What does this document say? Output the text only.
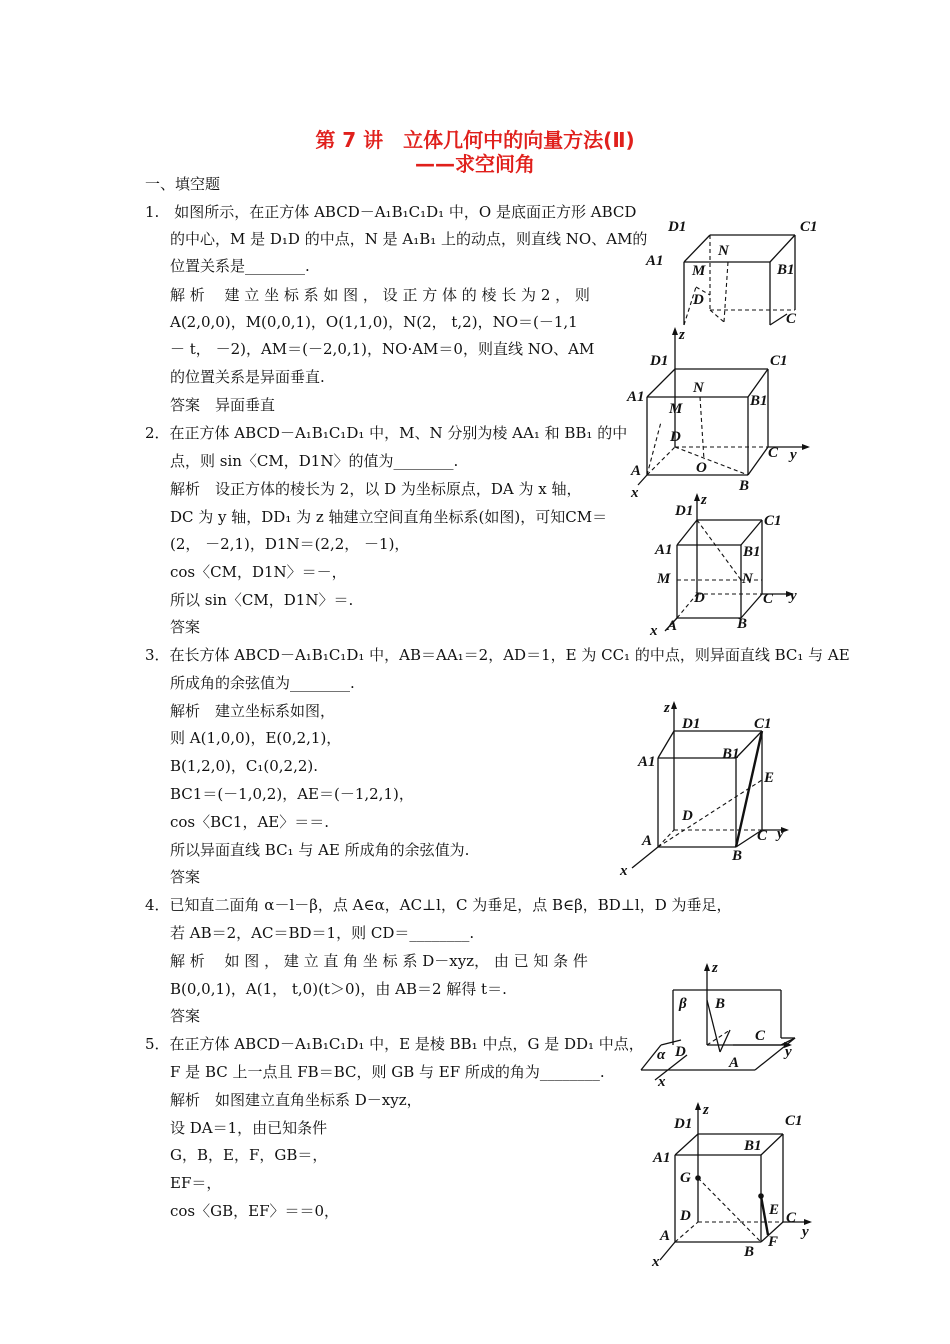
第 7 讲　立体几何中的向量方法(Ⅱ)
——求空间角
一、填空题
1.　如图所示，在正方体 ABCD－A₁B₁C₁D₁ 中，O 是底面正方形 ABCD
的中心，M 是 D₁D 的中点，N 是 A₁B₁ 上的动点，则直线 NO、AM的
位置关系是________.
解 析　 建 立 坐 标 系 如 图 ， 设 正 方 体 的 棱 长 为 2 ， 则
A(2,0,0)，M(0,0,1)，O(1,1,0)，N(2， t,2)，NO＝(－1,1
－ t， －2)，AM＝(－2,0,1)，NO·AM＝0，则直线 NO、AM
的位置关系是异面垂直.
答案　异面垂直
2．在正方体 ABCD－A₁B₁C₁D₁ 中，M、N 分别为棱 AA₁ 和 BB₁ 的中
点，则 sin〈CM，D1N〉的值为________.
解析　设正方体的棱长为 2，以 D 为坐标原点，DA 为 x 轴，
DC 为 y 轴，DD₁ 为 z 轴建立空间直角坐标系(如图)，可知CM＝
(2， －2,1)，D1N＝(2,2， －1)，
cos〈CM，D1N〉＝－，
所以 sin〈CM，D1N〉＝.
答案
3．在长方体 ABCD－A₁B₁C₁D₁ 中，AB＝AA₁＝2，AD＝1，E 为 CC₁ 的中点，则异面直线 BC₁ 与 AE
所成角的余弦值为________.
解析　建立坐标系如图，
则 A(1,0,0)，E(0,2,1)，
B(1,2,0)，C₁(0,2,2).
BC1＝(－1,0,2)，AE＝(－1,2,1)，
cos〈BC1，AE〉＝＝.
所以异面直线 BC₁ 与 AE 所成角的余弦值为.
答案
4．已知直二面角 α－l－β，点 A∈α，AC⊥l，C 为垂足，点 B∈β，BD⊥l，D 为垂足，
若 AB＝2，AC＝BD＝1，则 CD＝________.
解 析　 如 图 ， 建 立 直 角 坐 标 系 D－xyz， 由 已 知 条 件
B(0,0,1)，A(1， t,0)(t＞0)，由 AB＝2 解得 t＝.
答案
5．在正方体 ABCD－A₁B₁C₁D₁ 中，E 是棱 BB₁ 中点，G 是 DD₁ 中点，
F 是 BC 上一点且 FB＝BC，则 GB 与 EF 所成的角为________.
解析　如图建立直角坐标系 D－xyz，
设 DA＝1，由已知条件
G，B，E，F，GB＝，
EF＝，
cos〈GB，EF〉＝＝0，
D1	C1
A1
B1
N
M
D
C
z
D1	C1
A1	B1
N
M
D
C y
A	O
B
x	z
D1
C1
A1	B1
M	N
D	C y
x A	B
z
D1	C1
A1	B1
E
D
C y
A
B
x
z
β B
C
α D
A
y
x
z
D1	C1
A1
B1
G
E
D	C
A
B
F
y
x
